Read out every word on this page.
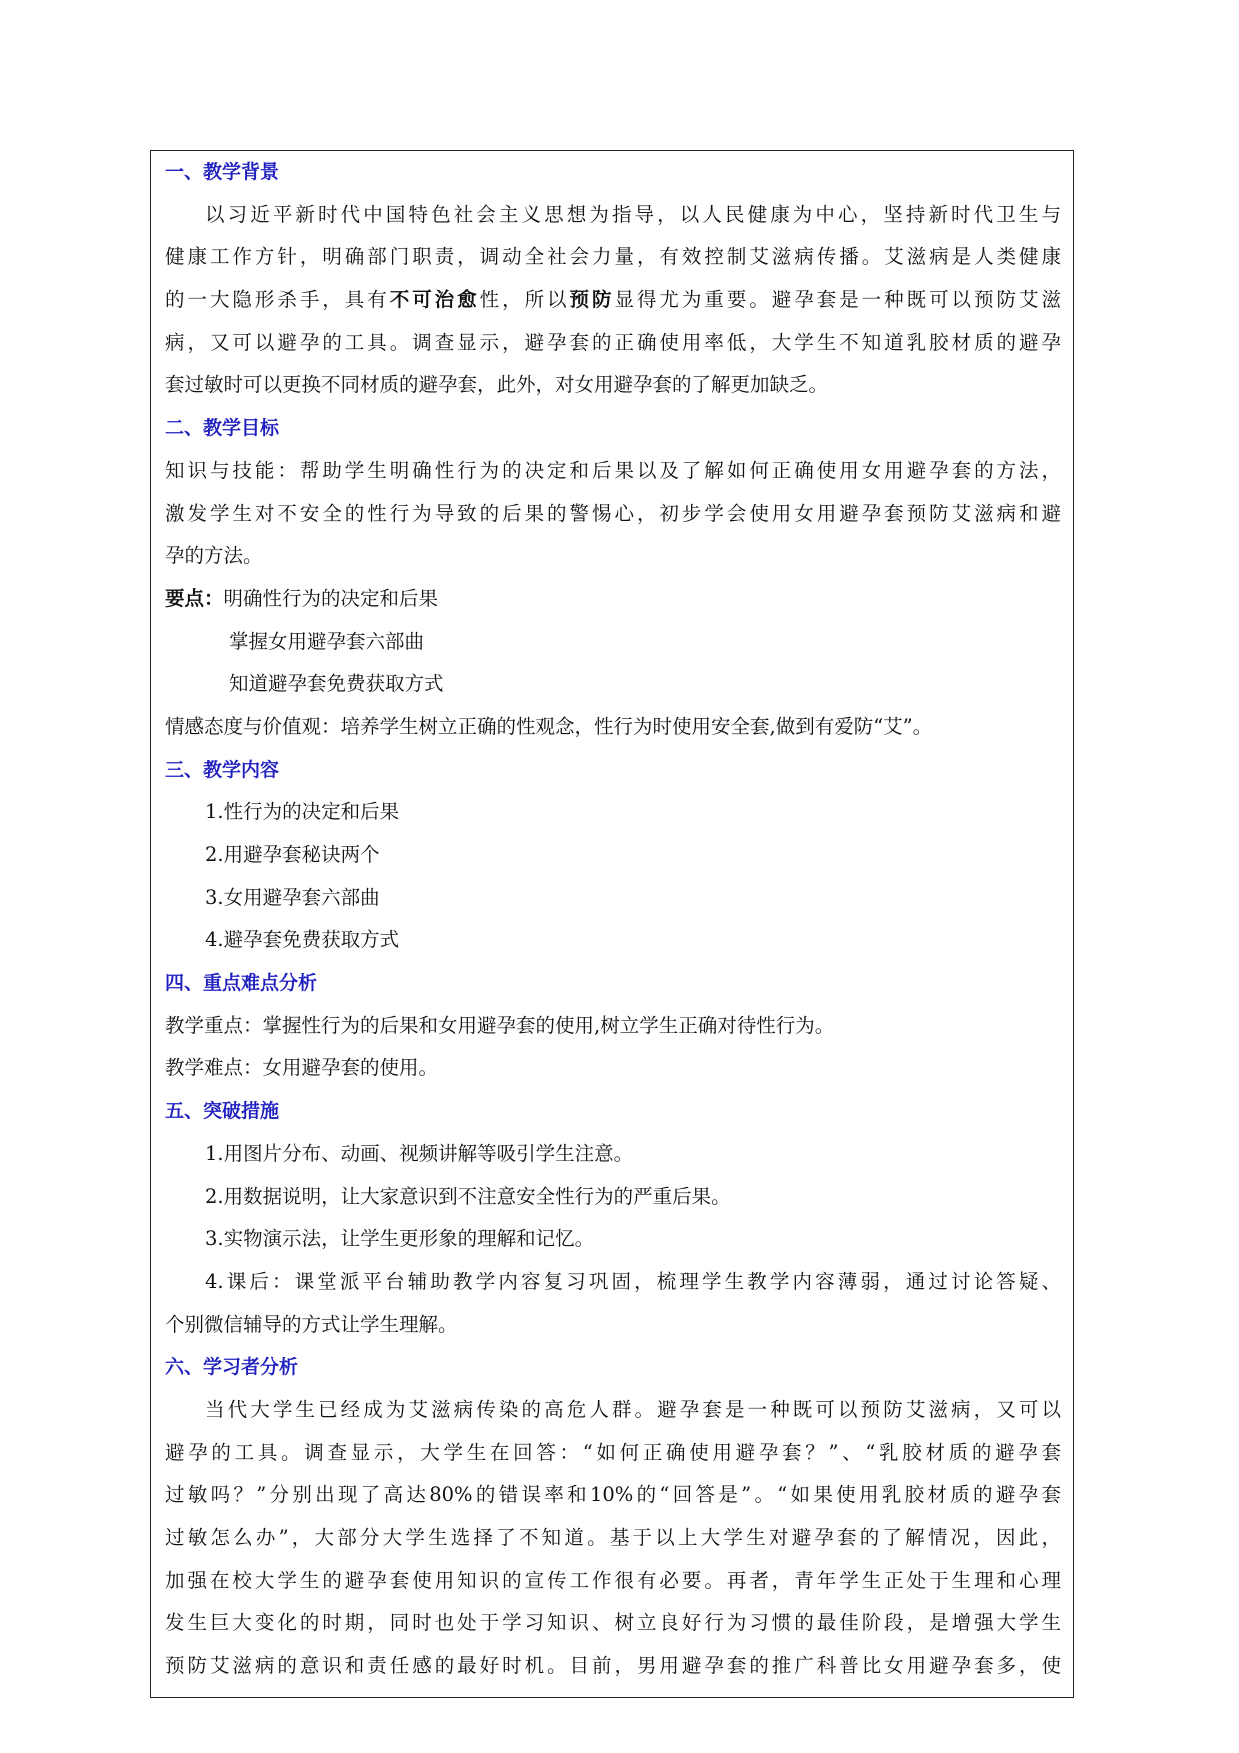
一、教学背景
以习近平新时代中国特色社会主义思想为指导，以人民健康为中心，坚持新时代卫生与
健康工作方针，明确部门职责，调动全社会力量，有效控制艾滋病传播。艾滋病是人类健康
的一大隐形杀手，具有不可治愈性，所以预防显得尤为重要。避孕套是一种既可以预防艾滋
病，又可以避孕的工具。调查显示，避孕套的正确使用率低，大学生不知道乳胶材质的避孕
套过敏时可以更换不同材质的避孕套，此外，对女用避孕套的了解更加缺乏。
二、教学目标
知识与技能：帮助学生明确性行为的决定和后果以及了解如何正确使用女用避孕套的方法，
激发学生对不安全的性行为导致的后果的警惕心，初步学会使用女用避孕套预防艾滋病和避
孕的方法。
要点：明确性行为的决定和后果
掌握女用避孕套六部曲
知道避孕套免费获取方式
情感态度与价值观：培养学生树立正确的性观念，性行为时使用安全套,做到有爱防“艾”。
三、教学内容
1.性行为的决定和后果
2.用避孕套秘诀两个
3.女用避孕套六部曲
4.避孕套免费获取方式
四、重点难点分析
教学重点：掌握性行为的后果和女用避孕套的使用,树立学生正确对待性行为。
教学难点：女用避孕套的使用。
五、突破措施
1.用图片分布、动画、视频讲解等吸引学生注意。
2.用数据说明，让大家意识到不注意安全性行为的严重后果。
3.实物演示法，让学生更形象的理解和记忆。
4.课后：课堂派平台辅助教学内容复习巩固，梳理学生教学内容薄弱，通过讨论答疑、
个别微信辅导的方式让学生理解。
六、学习者分析
当代大学生已经成为艾滋病传染的高危人群。避孕套是一种既可以预防艾滋病，又可以
避孕的工具。调查显示，大学生在回答：“如何正确使用避孕套？”、“乳胶材质的避孕套
过敏吗？”分别出现了高达80%的错误率和10%的“回答是”。“如果使用乳胶材质的避孕套
过敏怎么办”，大部分大学生选择了不知道。基于以上大学生对避孕套的了解情况，因此，
加强在校大学生的避孕套使用知识的宣传工作很有必要。再者，青年学生正处于生理和心理
发生巨大变化的时期，同时也处于学习知识、树立良好行为习惯的最佳阶段，是增强大学生
预防艾滋病的意识和责任感的最好时机。目前，男用避孕套的推广科普比女用避孕套多，使
